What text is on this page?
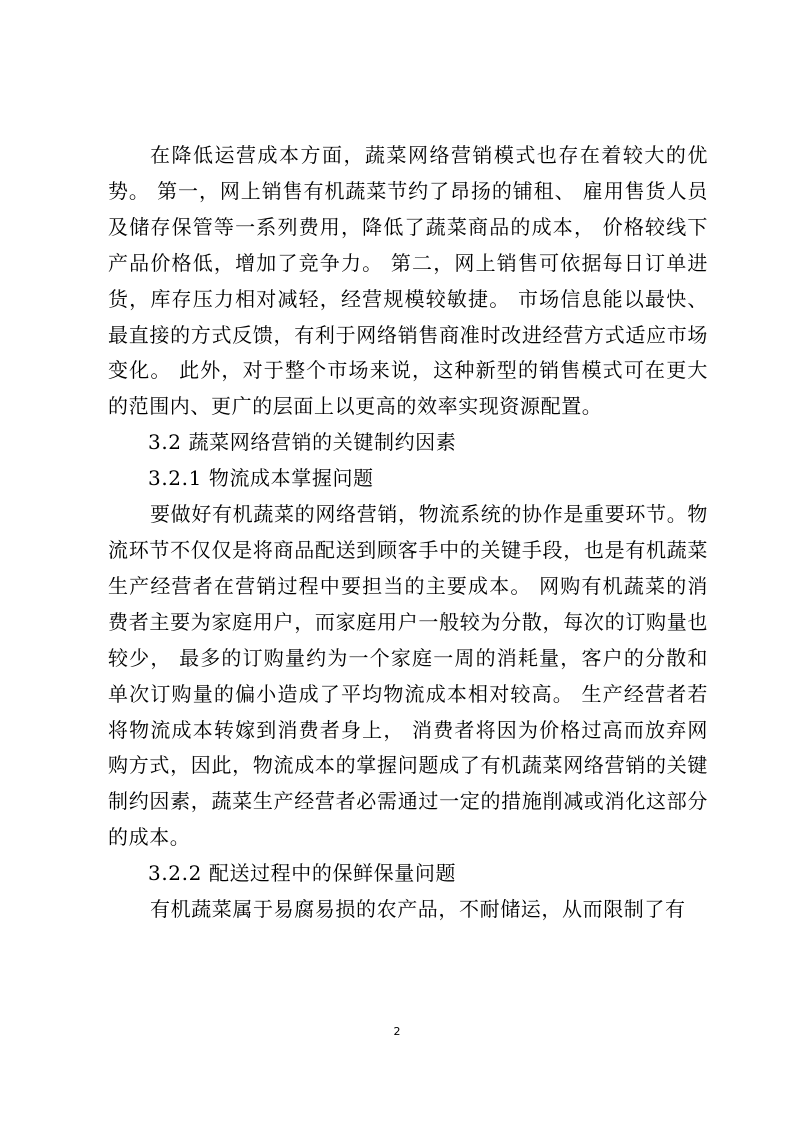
在降低运营成本方面，蔬菜网络营销模式也存在着较大的优势。 第一，网上销售有机蔬菜节约了昂扬的铺租、 雇用售货人员及储存保管等一系列费用，降低了蔬菜商品的成本， 价格较线下产品价格低，增加了竞争力。 第二，网上销售可依据每日订单进货，库存压力相对减轻，经营规模较敏捷。 市场信息能以最快、最直接的方式反馈，有利于网络销售商准时改进经营方式适应市场变化。 此外，对于整个市场来说，这种新型的销售模式可在更大的范围内、更广的层面上以更高的效率实现资源配置。

3.2 蔬菜网络营销的关键制约因素

3.2.1 物流成本掌握问题

要做好有机蔬菜的网络营销，物流系统的协作是重要环节。物流环节不仅仅是将商品配送到顾客手中的关键手段，也是有机蔬菜生产经营者在营销过程中要担当的主要成本。 网购有机蔬菜的消费者主要为家庭用户，而家庭用户一般较为分散，每次的订购量也较少， 最多的订购量约为一个家庭一周的消耗量，客户的分散和单次订购量的偏小造成了平均物流成本相对较高。 生产经营者若将物流成本转嫁到消费者身上， 消费者将因为价格过高而放弃网购方式，因此，物流成本的掌握问题成了有机蔬菜网络营销的关键制约因素，蔬菜生产经营者必需通过一定的措施削减或消化这部分的成本。

3.2.2 配送过程中的保鲜保量问题

有机蔬菜属于易腐易损的农产品，不耐储运，从而限制了有

2
